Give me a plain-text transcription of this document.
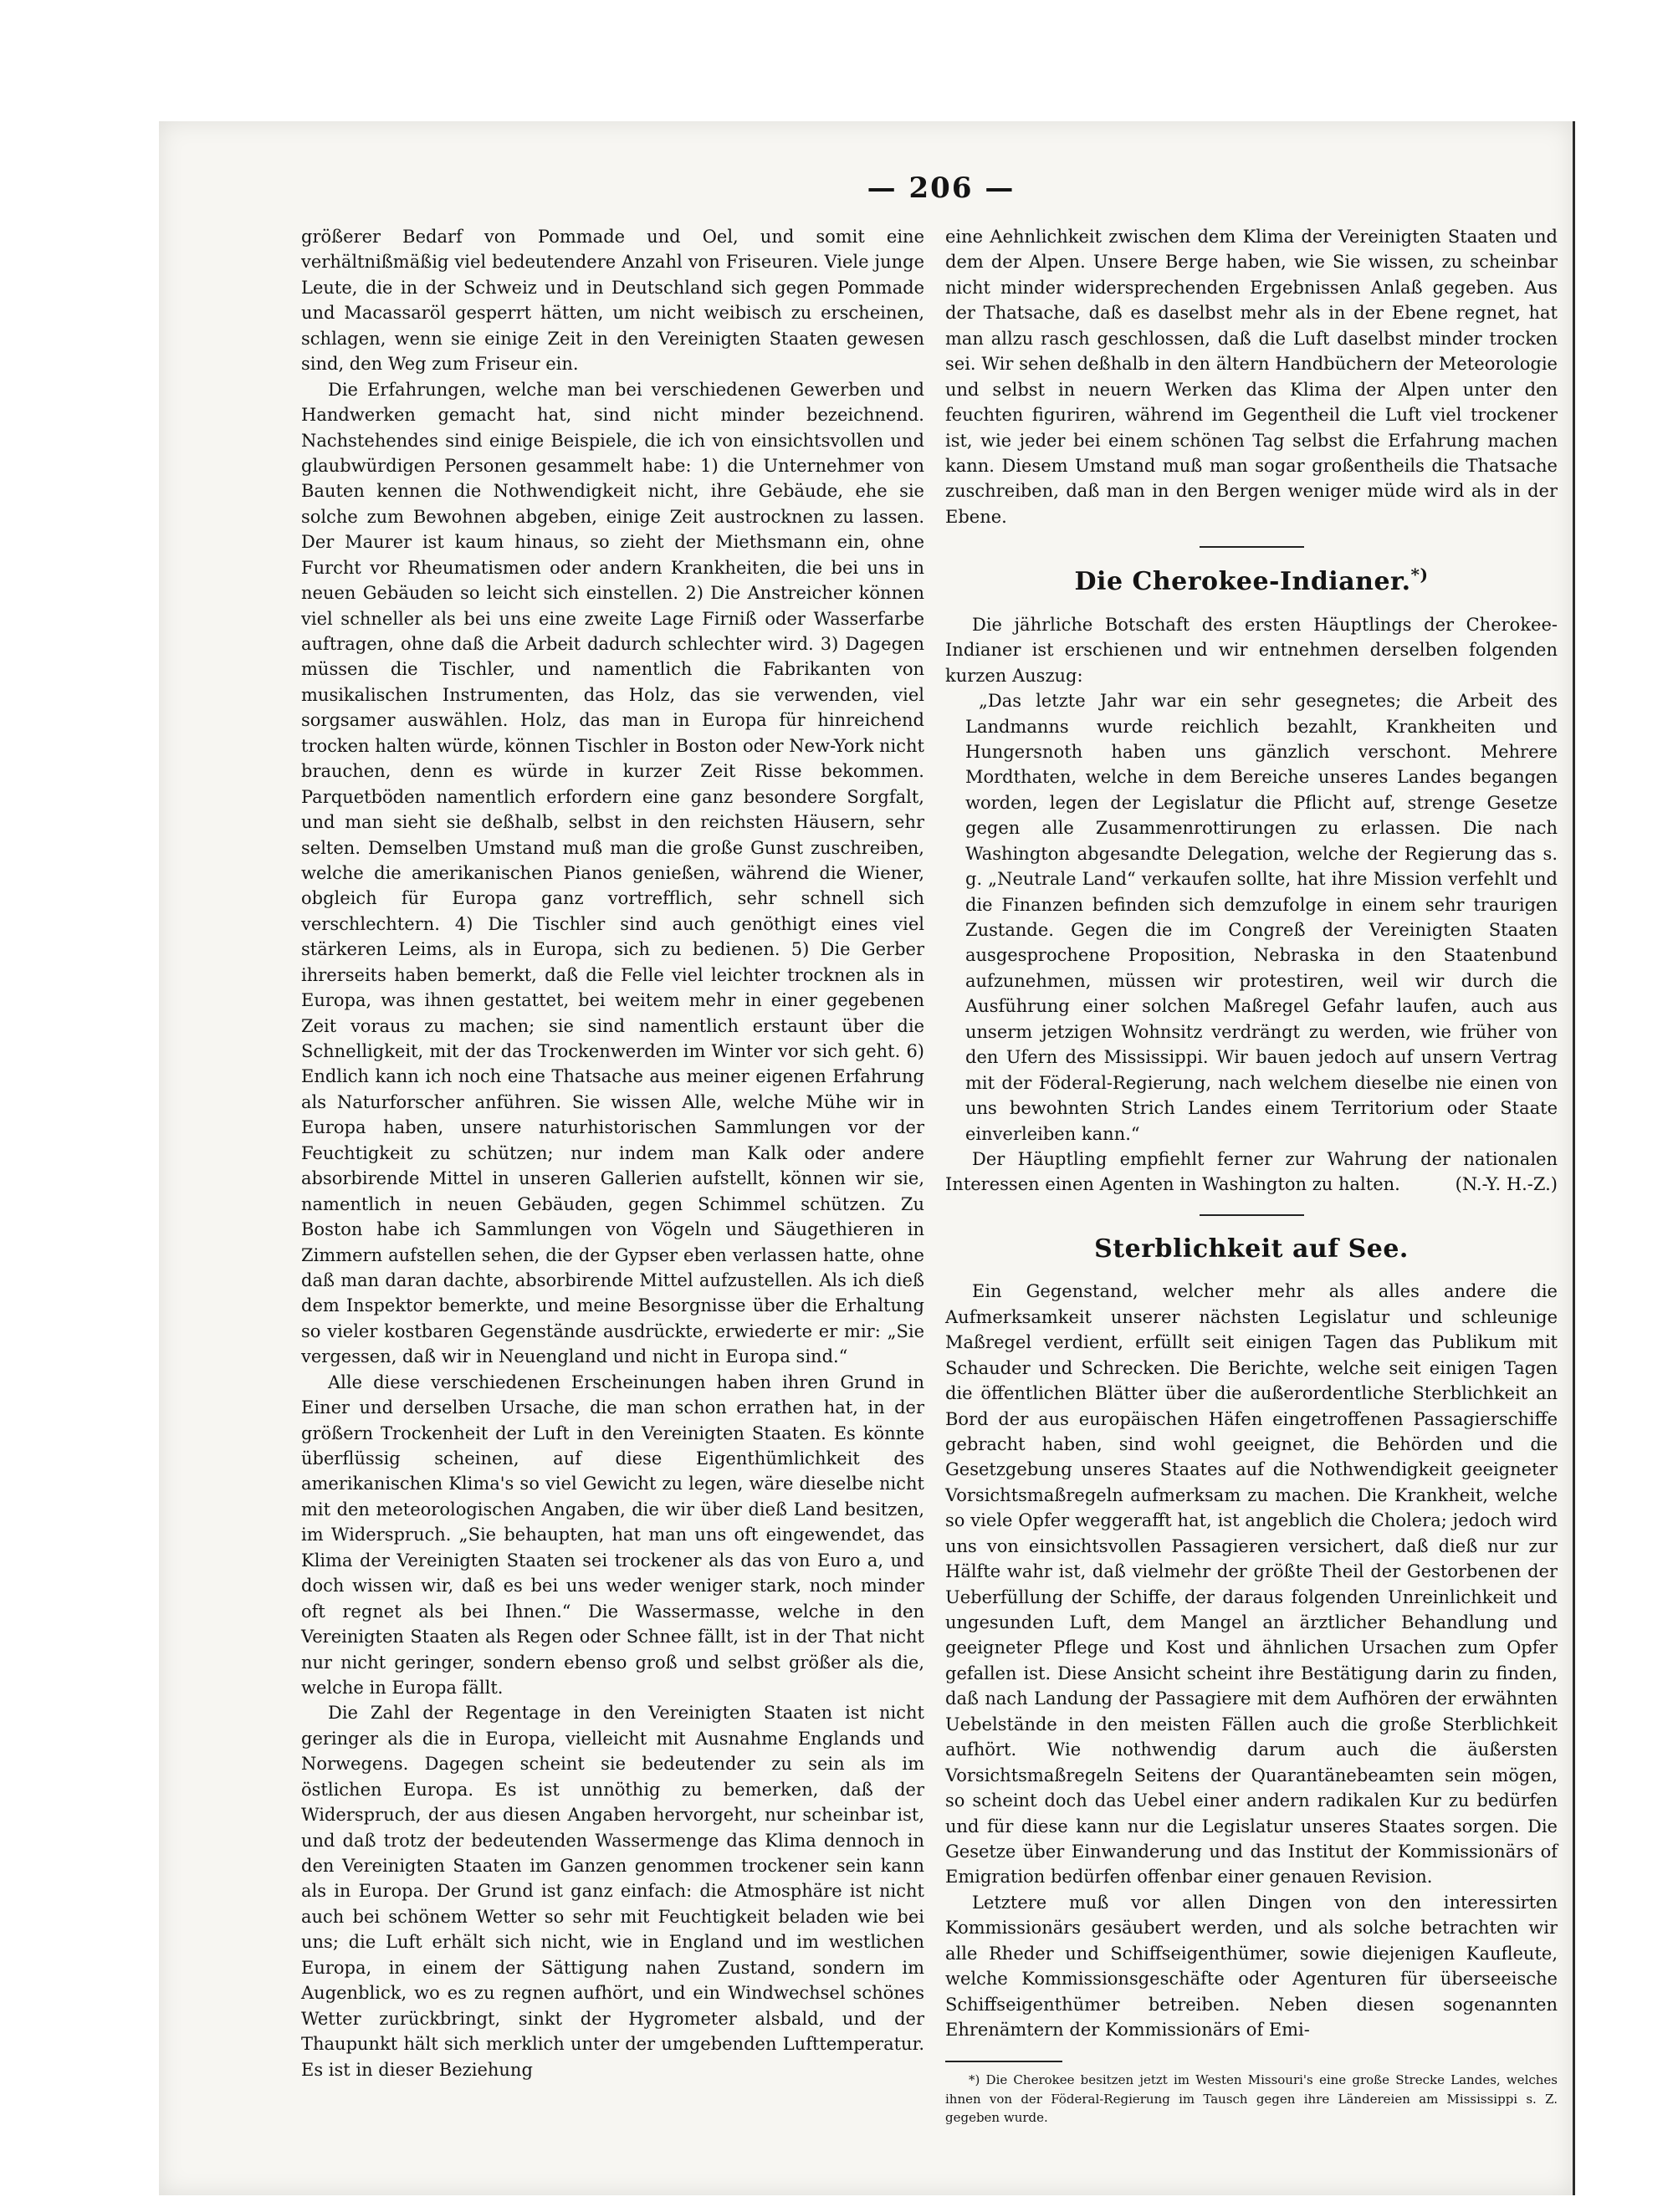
— 206 —

größerer Bedarf von Pommade und Oel, und somit eine verhältnißmäßig viel bedeutendere Anzahl von Friseuren. Viele junge Leute, die in der Schweiz und in Deutschland sich gegen Pommade und Macassaröl gesperrt hätten, um nicht weibisch zu erscheinen, schlagen, wenn sie einige Zeit in den Vereinigten Staaten gewesen sind, den Weg zum Friseur ein.

Die Erfahrungen, welche man bei verschiedenen Gewerben und Handwerken gemacht hat, sind nicht minder bezeichnend. Nachstehendes sind einige Beispiele, die ich von einsichtsvollen und glaubwürdigen Personen gesammelt habe: 1) die Unternehmer von Bauten kennen die Nothwendigkeit nicht, ihre Gebäude, ehe sie solche zum Bewohnen abgeben, einige Zeit austrocknen zu lassen. Der Maurer ist kaum hinaus, so zieht der Miethsmann ein, ohne Furcht vor Rheumatismen oder andern Krankheiten, die bei uns in neuen Gebäuden so leicht sich einstellen. 2) Die Anstreicher können viel schneller als bei uns eine zweite Lage Firniß oder Wasserfarbe auftragen, ohne daß die Arbeit dadurch schlechter wird. 3) Dagegen müssen die Tischler, und namentlich die Fabrikanten von musikalischen Instrumenten, das Holz, das sie verwenden, viel sorgsamer auswählen. Holz, das man in Europa für hinreichend trocken halten würde, können Tischler in Boston oder New-York nicht brauchen, denn es würde in kurzer Zeit Risse bekommen. Parquetböden namentlich erfordern eine ganz besondere Sorgfalt, und man sieht sie deßhalb, selbst in den reichsten Häusern, sehr selten. Demselben Umstand muß man die große Gunst zuschreiben, welche die amerikanischen Pianos genießen, während die Wiener, obgleich für Europa ganz vortrefflich, sehr schnell sich verschlechtern. 4) Die Tischler sind auch genöthigt eines viel stärkeren Leims, als in Europa, sich zu bedienen. 5) Die Gerber ihrerseits haben bemerkt, daß die Felle viel leichter trocknen als in Europa, was ihnen gestattet, bei weitem mehr in einer gegebenen Zeit voraus zu machen; sie sind namentlich erstaunt über die Schnelligkeit, mit der das Trockenwerden im Winter vor sich geht. 6) Endlich kann ich noch eine Thatsache aus meiner eigenen Erfahrung als Naturforscher anführen. Sie wissen Alle, welche Mühe wir in Europa haben, unsere naturhistorischen Sammlungen vor der Feuchtigkeit zu schützen; nur indem man Kalk oder andere absorbirende Mittel in unseren Gallerien aufstellt, können wir sie, namentlich in neuen Gebäuden, gegen Schimmel schützen. Zu Boston habe ich Sammlungen von Vögeln und Säugethieren in Zimmern aufstellen sehen, die der Gypser eben verlassen hatte, ohne daß man daran dachte, absorbirende Mittel aufzustellen. Als ich dieß dem Inspektor bemerkte, und meine Besorgnisse über die Erhaltung so vieler kostbaren Gegenstände ausdrückte, erwiederte er mir: „Sie vergessen, daß wir in Neuengland und nicht in Europa sind.“

Alle diese verschiedenen Erscheinungen haben ihren Grund in Einer und derselben Ursache, die man schon errathen hat, in der größern Trockenheit der Luft in den Vereinigten Staaten. Es könnte überflüssig scheinen, auf diese Eigenthümlichkeit des amerikanischen Klima's so viel Gewicht zu legen, wäre dieselbe nicht mit den meteorologischen Angaben, die wir über dieß Land besitzen, im Widerspruch. „Sie behaupten, hat man uns oft eingewendet, das Klima der Vereinigten Staaten sei trockener als das von Euro a, und doch wissen wir, daß es bei uns weder weniger stark, noch minder oft regnet als bei Ihnen.“ Die Wassermasse, welche in den Vereinigten Staaten als Regen oder Schnee fällt, ist in der That nicht nur nicht geringer, sondern ebenso groß und selbst größer als die, welche in Europa fällt.

Die Zahl der Regentage in den Vereinigten Staaten ist nicht geringer als die in Europa, vielleicht mit Ausnahme Englands und Norwegens. Dagegen scheint sie bedeutender zu sein als im östlichen Europa. Es ist unnöthig zu bemerken, daß der Widerspruch, der aus diesen Angaben hervorgeht, nur scheinbar ist, und daß trotz der bedeutenden Wassermenge das Klima dennoch in den Vereinigten Staaten im Ganzen genommen trockener sein kann als in Europa. Der Grund ist ganz einfach: die Atmosphäre ist nicht auch bei schönem Wetter so sehr mit Feuchtigkeit beladen wie bei uns; die Luft erhält sich nicht, wie in England und im westlichen Europa, in einem der Sättigung nahen Zustand, sondern im Augenblick, wo es zu regnen aufhört, und ein Windwechsel schönes Wetter zurückbringt, sinkt der Hygrometer alsbald, und der Thaupunkt hält sich merklich unter der umgebenden Lufttemperatur. Es ist in dieser Beziehung

eine Aehnlichkeit zwischen dem Klima der Vereinigten Staaten und dem der Alpen. Unsere Berge haben, wie Sie wissen, zu scheinbar nicht minder widersprechenden Ergebnissen Anlaß gegeben. Aus der Thatsache, daß es daselbst mehr als in der Ebene regnet, hat man allzu rasch geschlossen, daß die Luft daselbst minder trocken sei. Wir sehen deßhalb in den ältern Handbüchern der Meteorologie und selbst in neuern Werken das Klima der Alpen unter den feuchten figuriren, während im Gegentheil die Luft viel trockener ist, wie jeder bei einem schönen Tag selbst die Erfahrung machen kann. Diesem Umstand muß man sogar großentheils die Thatsache zuschreiben, daß man in den Bergen weniger müde wird als in der Ebene.

Die Cherokee-Indianer.*)

Die jährliche Botschaft des ersten Häuptlings der Cherokee-Indianer ist erschienen und wir entnehmen derselben folgenden kurzen Auszug:

„Das letzte Jahr war ein sehr gesegnetes; die Arbeit des Landmanns wurde reichlich bezahlt, Krankheiten und Hungersnoth haben uns gänzlich verschont. Mehrere Mordthaten, welche in dem Bereiche unseres Landes begangen worden, legen der Legislatur die Pflicht auf, strenge Gesetze gegen alle Zusammenrottirungen zu erlassen. Die nach Washington abgesandte Delegation, welche der Regierung das s. g. „Neutrale Land“ verkaufen sollte, hat ihre Mission verfehlt und die Finanzen befinden sich demzufolge in einem sehr traurigen Zustande. Gegen die im Congreß der Vereinigten Staaten ausgesprochene Proposition, Nebraska in den Staatenbund aufzunehmen, müssen wir protestiren, weil wir durch die Ausführung einer solchen Maßregel Gefahr laufen, auch aus unserm jetzigen Wohnsitz verdrängt zu werden, wie früher von den Ufern des Mississippi. Wir bauen jedoch auf unsern Vertrag mit der Föderal-Regierung, nach welchem dieselbe nie einen von uns bewohnten Strich Landes einem Territorium oder Staate einverleiben kann.“

Der Häuptling empfiehlt ferner zur Wahrung der nationalen Interessen einen Agenten in Washington zu halten.	(N.-Y. H.-Z.)

Sterblichkeit auf See.

Ein Gegenstand, welcher mehr als alles andere die Aufmerksamkeit unserer nächsten Legislatur und schleunige Maßregel verdient, erfüllt seit einigen Tagen das Publikum mit Schauder und Schrecken. Die Berichte, welche seit einigen Tagen die öffentlichen Blätter über die außerordentliche Sterblichkeit an Bord der aus europäischen Häfen eingetroffenen Passagierschiffe gebracht haben, sind wohl geeignet, die Behörden und die Gesetzgebung unseres Staates auf die Nothwendigkeit geeigneter Vorsichtsmaßregeln aufmerksam zu machen. Die Krankheit, welche so viele Opfer weggerafft hat, ist angeblich die Cholera; jedoch wird uns von einsichtsvollen Passagieren versichert, daß dieß nur zur Hälfte wahr ist, daß vielmehr der größte Theil der Gestorbenen der Ueberfüllung der Schiffe, der daraus folgenden Unreinlichkeit und ungesunden Luft, dem Mangel an ärztlicher Behandlung und geeigneter Pflege und Kost und ähnlichen Ursachen zum Opfer gefallen ist. Diese Ansicht scheint ihre Bestätigung darin zu finden, daß nach Landung der Passagiere mit dem Aufhören der erwähnten Uebelstände in den meisten Fällen auch die große Sterblichkeit aufhört. Wie nothwendig darum auch die äußersten Vorsichtsmaßregeln Seitens der Quarantänebeamten sein mögen, so scheint doch das Uebel einer andern radikalen Kur zu bedürfen und für diese kann nur die Legislatur unseres Staates sorgen. Die Gesetze über Einwanderung und das Institut der Kommissionärs of Emigration bedürfen offenbar einer genauen Revision.

Letztere muß vor allen Dingen von den interessirten Kommissionärs gesäubert werden, und als solche betrachten wir alle Rheder und Schiffseigenthümer, sowie diejenigen Kaufleute, welche Kommissionsgeschäfte oder Agenturen für überseeische Schiffseigenthümer betreiben. Neben diesen sogenannten Ehrenämtern der Kommissionärs of Emi-

*) Die Cherokee besitzen jetzt im Westen Missouri's eine große Strecke Landes, welches ihnen von der Föderal-Regierung im Tausch gegen ihre Ländereien am Mississippi s. Z. gegeben wurde.
